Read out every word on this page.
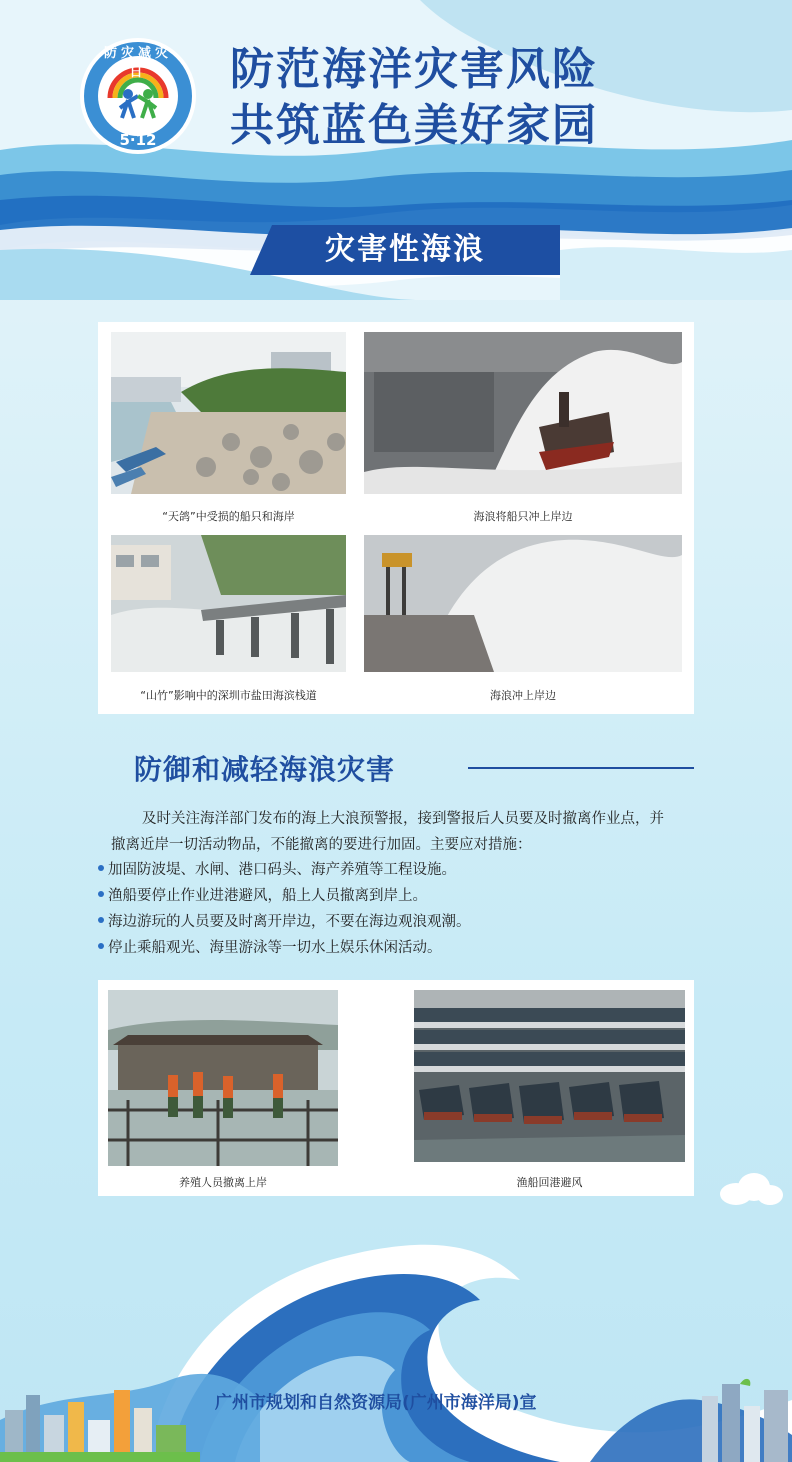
防灾减灾日
5·12
防范海洋灾害风险
共筑蓝色美好家园
灾害性海浪
“天鸽”中受损的船只和海岸	海浪将船只冲上岸边
“山竹”影响中的深圳市盐田海滨栈道	海浪冲上岸边
防御和减轻海浪灾害
及时关注海洋部门发布的海上大浪预警报，接到警报后人员要及时撤离作业点，并
撤离近岸一切活动物品，不能撤离的要进行加固。主要应对措施：
加固防波堤、水闸、港口码头、海产养殖等工程设施。
渔船要停止作业进港避风，船上人员撤离到岸上。
海边游玩的人员要及时离开岸边，不要在海边观浪观潮。
停止乘船观光、海里游泳等一切水上娱乐休闲活动。
养殖人员撤离上岸	渔船回港避风
广州市规划和自然资源局(广州市海洋局)宣
